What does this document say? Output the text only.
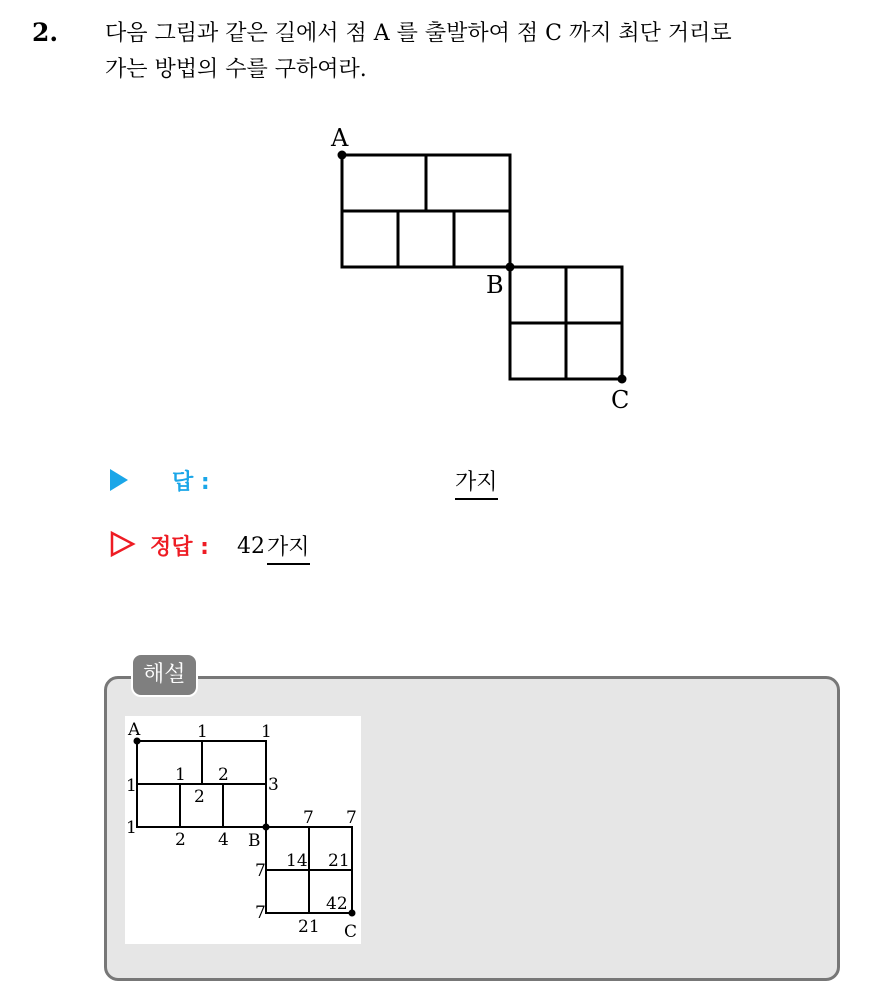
2. 다음 그림과 같은 길에서 점 A 를 출발하여 점 C 까지 최단 거리로
가는 방법의 수를 구하여라.
A
B
C
답 :	가지
정답 : 42 가지
해설
A
B
C
1	1
1
1
1 2
2
3
2 4
7 7
7
7
14 21
42
21
